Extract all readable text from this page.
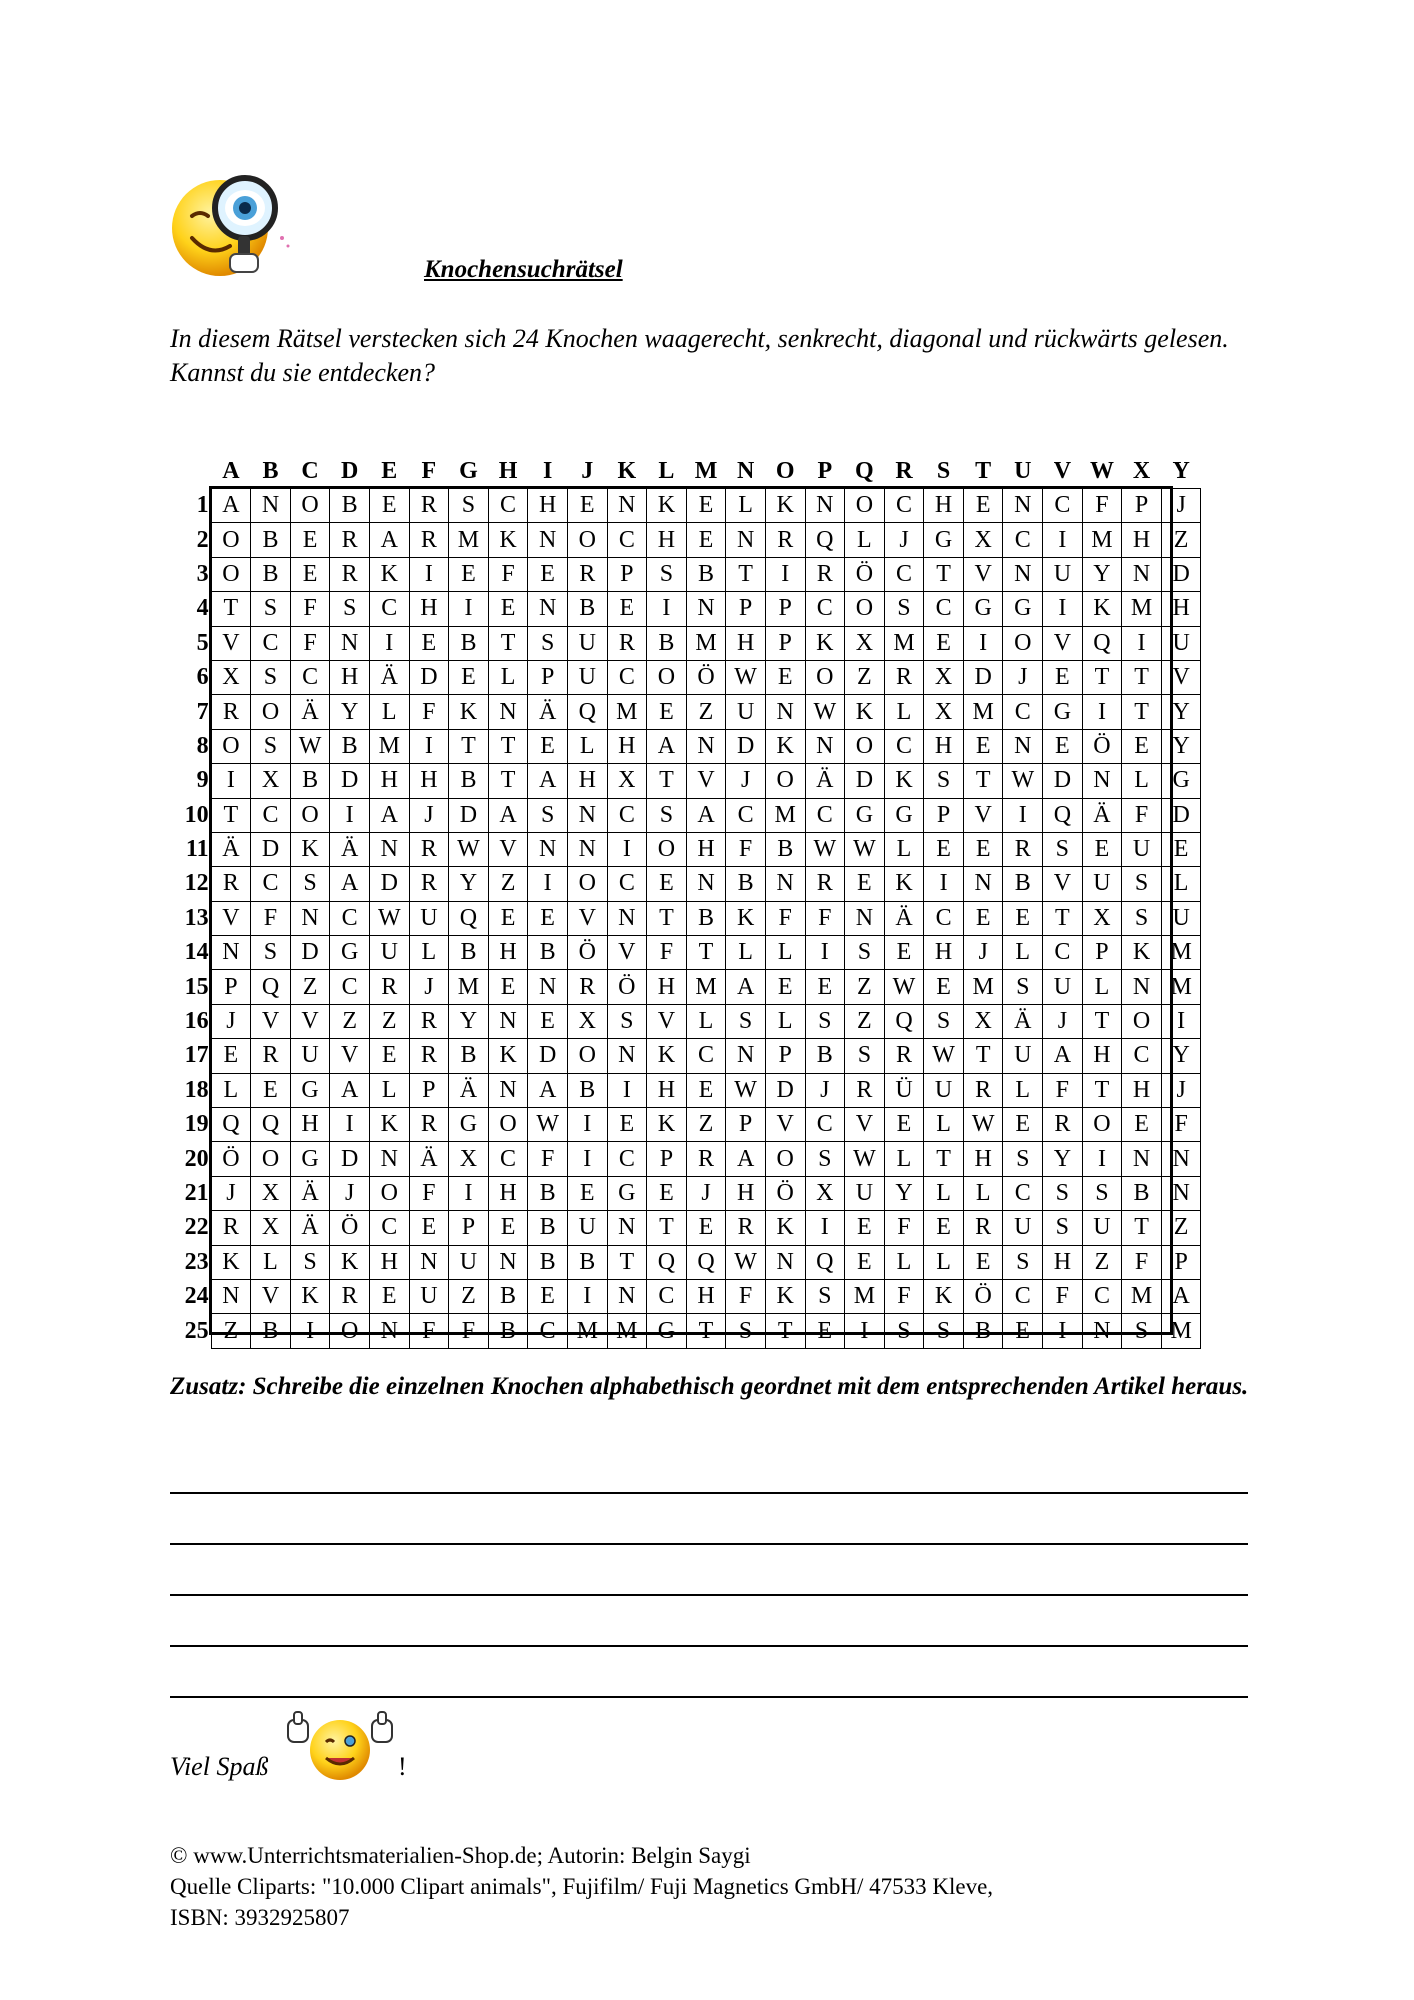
Knochensuchrätsel
In diesem Rätsel verstecken sich 24 Knochen waagerecht, senkrecht, diagonal und rückwärts gelesen. Kannst du sie entdecken?
	A	B	C	D	E	F	G	H	I	J	K	L	M	N	O	P	Q	R	S	T	U	V	W	X	Y
1	A	N	O	B	E	R	S	C	H	E	N	K	E	L	K	N	O	C	H	E	N	C	F	P	J
2	O	B	E	R	A	R	M	K	N	O	C	H	E	N	R	Q	L	J	G	X	C	I	M	H	Z
3	O	B	E	R	K	I	E	F	E	R	P	S	B	T	I	R	Ö	C	T	V	N	U	Y	N	D
4	T	S	F	S	C	H	I	E	N	B	E	I	N	P	P	C	O	S	C	G	G	I	K	M	H
5	V	C	F	N	I	E	B	T	S	U	R	B	M	H	P	K	X	M	E	I	O	V	Q	I	U
6	X	S	C	H	Ä	D	E	L	P	U	C	O	Ö	W	E	O	Z	R	X	D	J	E	T	T	V
7	R	O	Ä	Y	L	F	K	N	Ä	Q	M	E	Z	U	N	W	K	L	X	M	C	G	I	T	Y
8	O	S	W	B	M	I	T	T	E	L	H	A	N	D	K	N	O	C	H	E	N	E	Ö	E	Y
9	I	X	B	D	H	H	B	T	A	H	X	T	V	J	O	Ä	D	K	S	T	W	D	N	L	G
10	T	C	O	I	A	J	D	A	S	N	C	S	A	C	M	C	G	G	P	V	I	Q	Ä	F	D
11	Ä	D	K	Ä	N	R	W	V	N	N	I	O	H	F	B	W	W	L	E	E	R	S	E	U	E
12	R	C	S	A	D	R	Y	Z	I	O	C	E	N	B	N	R	E	K	I	N	B	V	U	S	L
13	V	F	N	C	W	U	Q	E	E	V	N	T	B	K	F	F	N	Ä	C	E	E	T	X	S	U
14	N	S	D	G	U	L	B	H	B	Ö	V	F	T	L	L	I	S	E	H	J	L	C	P	K	M
15	P	Q	Z	C	R	J	M	E	N	R	Ö	H	M	A	E	E	Z	W	E	M	S	U	L	N	M
16	J	V	V	Z	Z	R	Y	N	E	X	S	V	L	S	L	S	Z	Q	S	X	Ä	J	T	O	I
17	E	R	U	V	E	R	B	K	D	O	N	K	C	N	P	B	S	R	W	T	U	A	H	C	Y
18	L	E	G	A	L	P	Ä	N	A	B	I	H	E	W	D	J	R	Ü	U	R	L	F	T	H	J
19	Q	Q	H	I	K	R	G	O	W	I	E	K	Z	P	V	C	V	E	L	W	E	R	O	E	F
20	Ö	O	G	D	N	Ä	X	C	F	I	C	P	R	A	O	S	W	L	T	H	S	Y	I	N	N
21	J	X	Ä	J	O	F	I	H	B	E	G	E	J	H	Ö	X	U	Y	L	L	C	S	S	B	N
22	R	X	Ä	Ö	C	E	P	E	B	U	N	T	E	R	K	I	E	F	E	R	U	S	U	T	Z
23	K	L	S	K	H	N	U	N	B	B	T	Q	Q	W	N	Q	E	L	L	E	S	H	Z	F	P
24	N	V	K	R	E	U	Z	B	E	I	N	C	H	F	K	S	M	F	K	Ö	C	F	C	M	A
25	Z	B	I	O	N	F	F	B	C	M	M	G	T	S	T	E	I	S	S	B	E	I	N	S	M
Zusatz: Schreibe die einzelnen Knochen alphabethisch geordnet mit dem entsprechenden Artikel heraus.
Viel Spaß	!
© www.Unterrichtsmaterialien-Shop.de; Autorin: Belgin Saygi
Quelle Cliparts: "10.000 Clipart animals", Fujifilm/ Fuji Magnetics GmbH/ 47533 Kleve,
ISBN: 3932925807
